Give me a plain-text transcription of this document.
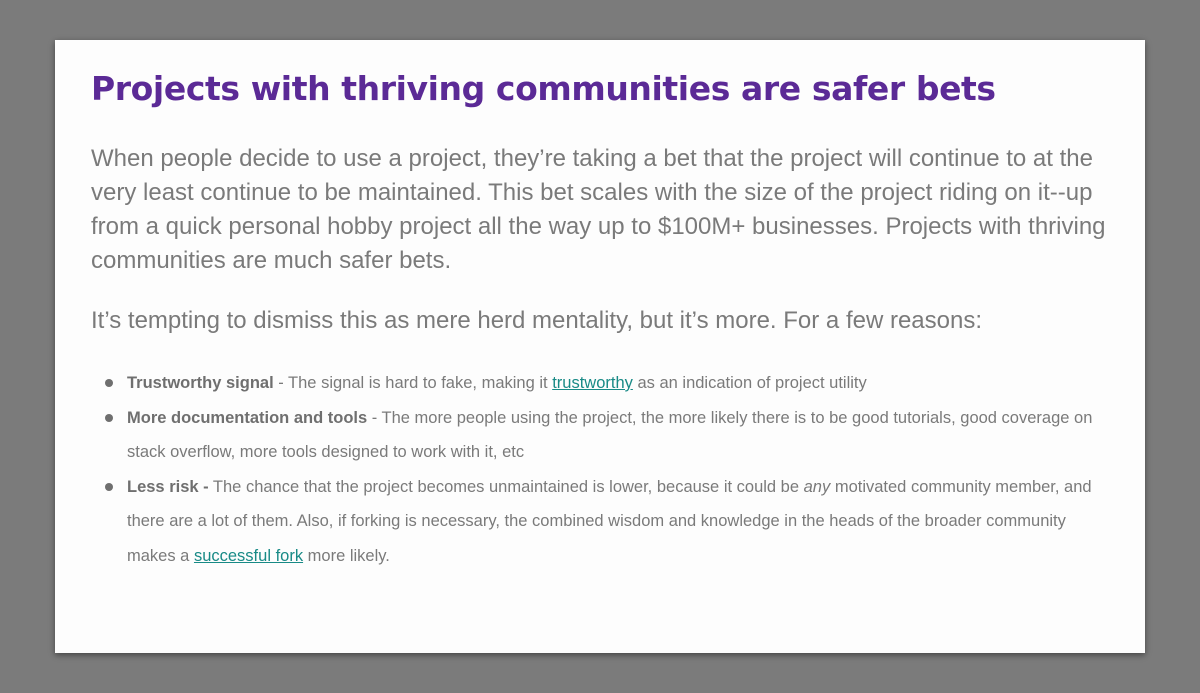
Projects with thriving communities are safer bets

When people decide to use a project, they’re taking a bet that the project will continue to at the very least continue to be maintained. This bet scales with the size of the project riding on it--up from a quick personal hobby project all the way up to $100M+ businesses. Projects with thriving communities are much safer bets.

It’s tempting to dismiss this as mere herd mentality, but it’s more. For a few reasons:

Trustworthy signal - The signal is hard to fake, making it trustworthy as an indication of project utility
More documentation and tools - The more people using the project, the more likely there is to be good tutorials, good coverage on stack overflow, more tools designed to work with it, etc
Less risk - The chance that the project becomes unmaintained is lower, because it could be any motivated community member, and there are a lot of them. Also, if forking is necessary, the combined wisdom and knowledge in the heads of the broader community makes a successful fork more likely.
